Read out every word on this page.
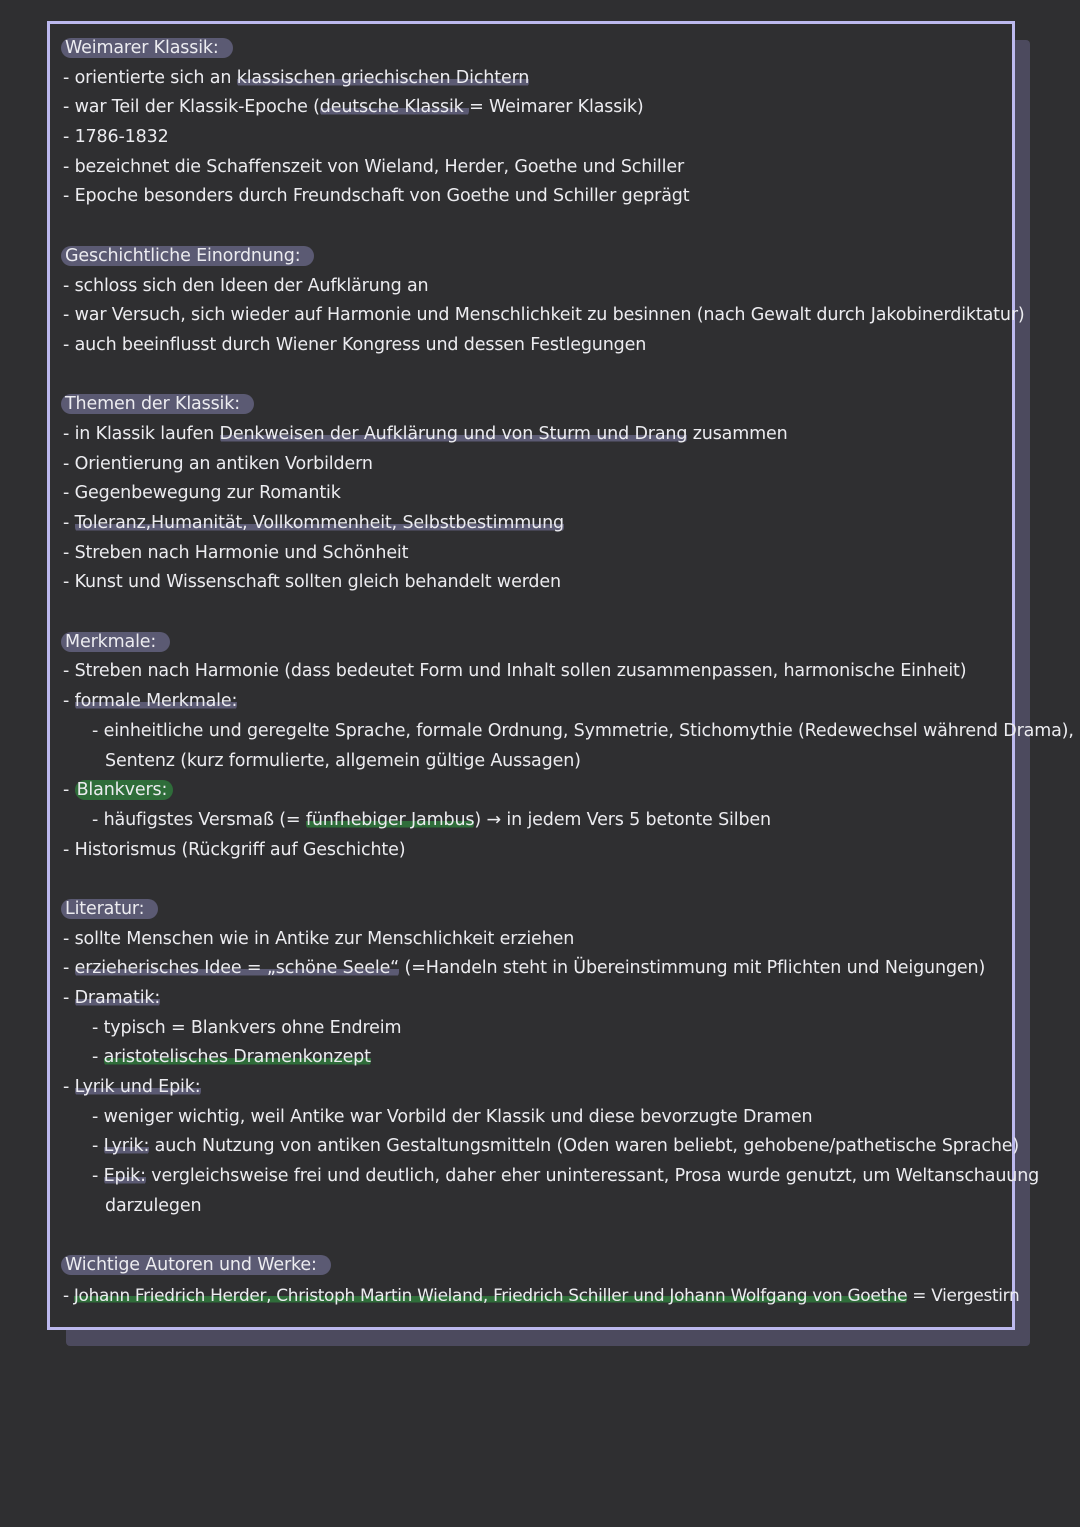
Weimarer Klassik:
- orientierte sich an klassischen griechischen Dichtern
- war Teil der Klassik-Epoche (deutsche Klassik = Weimarer Klassik)
- 1786-1832
- bezeichnet die Schaffenszeit von Wieland, Herder, Goethe und Schiller
- Epoche besonders durch Freundschaft von Goethe und Schiller geprägt
Geschichtliche Einordnung:
- schloss sich den Ideen der Aufklärung an
- war Versuch, sich wieder auf Harmonie und Menschlichkeit zu besinnen (nach Gewalt durch Jakobinerdiktatur)
- auch beeinflusst durch Wiener Kongress und dessen Festlegungen
Themen der Klassik:
- in Klassik laufen Denkweisen der Aufklärung und von Sturm und Drang zusammen
- Orientierung an antiken Vorbildern
- Gegenbewegung zur Romantik
- Toleranz,Humanität, Vollkommenheit, Selbstbestimmung
- Streben nach Harmonie und Schönheit
- Kunst und Wissenschaft sollten gleich behandelt werden
Merkmale:
- Streben nach Harmonie (dass bedeutet Form und Inhalt sollen zusammenpassen, harmonische Einheit)
- formale Merkmale:
- einheitliche und geregelte Sprache, formale Ordnung, Symmetrie, Stichomythie (Redewechsel während Drama),
Sentenz (kurz formulierte, allgemein gültige Aussagen)
- Blankvers:
- häufigstes Versmaß (= fünfhebiger Jambus) → in jedem Vers 5 betonte Silben
- Historismus (Rückgriff auf Geschichte)
Literatur:
- sollte Menschen wie in Antike zur Menschlichkeit erziehen
- erzieherisches Idee = „schöne Seele“ (=Handeln steht in Übereinstimmung mit Pflichten und Neigungen)
- Dramatik:
- typisch = Blankvers ohne Endreim
- aristotelisches Dramenkonzept
- Lyrik und Epik:
- weniger wichtig, weil Antike war Vorbild der Klassik und diese bevorzugte Dramen
- Lyrik: auch Nutzung von antiken Gestaltungsmitteln (Oden waren beliebt, gehobene/pathetische Sprache)
- Epik: vergleichsweise frei und deutlich, daher eher uninteressant, Prosa wurde genutzt, um Weltanschauung
darzulegen
Wichtige Autoren und Werke:
- Johann Friedrich Herder, Christoph Martin Wieland, Friedrich Schiller und Johann Wolfgang von Goethe = Viergestirn
